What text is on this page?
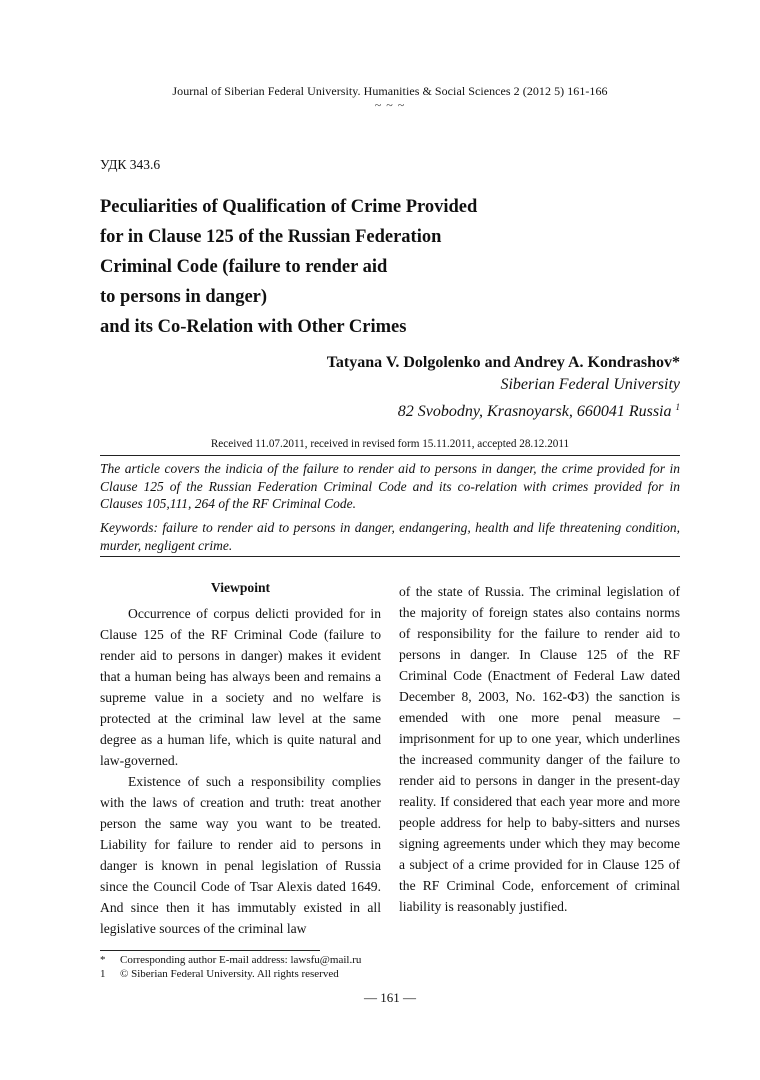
Journal of Siberian Federal University. Humanities & Social Sciences 2 (2012 5) 161-166
~ ~ ~
УДК 343.6
Peculiarities of Qualification of Crime Provided
for in Clause 125 of the Russian Federation
Criminal Code (failure to render aid
to persons in danger)
and its Co-Relation with Other Crimes
Tatyana V. Dolgolenko and Andrey A. Kondrashov*
Siberian Federal University
82 Svobodny, Krasnoyarsk, 660041 Russia $^1$
Received 11.07.2011, received in revised form 15.11.2011, accepted 28.12.2011
The article covers the indicia of the failure to render aid to persons in danger, the crime provided for in Clause 125 of the Russian Federation Criminal Code and its co-relation with crimes provided for in Clauses 105,111, 264 of the RF Criminal Code.
Keywords: failure to render aid to persons in danger, endangering, health and life threatening condition, murder, negligent crime.

Viewpoint

Occurrence of corpus delicti provided for in Clause 125 of the RF Criminal Code (failure to render aid to persons in danger) makes it evident that a human being has always been and remains a supreme value in a society and no welfare is protected at the criminal law level at the same degree as a human life, which is quite natural and law-governed.

Existence of such a responsibility complies with the laws of creation and truth: treat another person the same way you want to be treated. Liability for failure to render aid to persons in danger is known in penal legislation of Russia since the Council Code of Tsar Alexis dated 1649. And since then it has immutably existed in all legislative sources of the criminal law

of the state of Russia. The criminal legislation of the majority of foreign states also contains norms of responsibility for the failure to render aid to persons in danger. In Clause 125 of the RF Criminal Code (Enactment of Federal Law dated December 8, 2003, No. 162-ФЗ) the sanction is emended with one more penal measure – imprisonment for up to one year, which underlines the increased community danger of the failure to render aid to persons in danger in the present-day reality. If considered that each year more and more people address for help to baby-sitters and nurses signing agreements under which they may become a subject of a crime provided for in Clause 125 of the RF Criminal Code, enforcement of criminal liability is reasonably justified.

*	Corresponding author E-mail address: lawsfu@mail.ru
1	© Siberian Federal University. All rights reserved
— 161 —
